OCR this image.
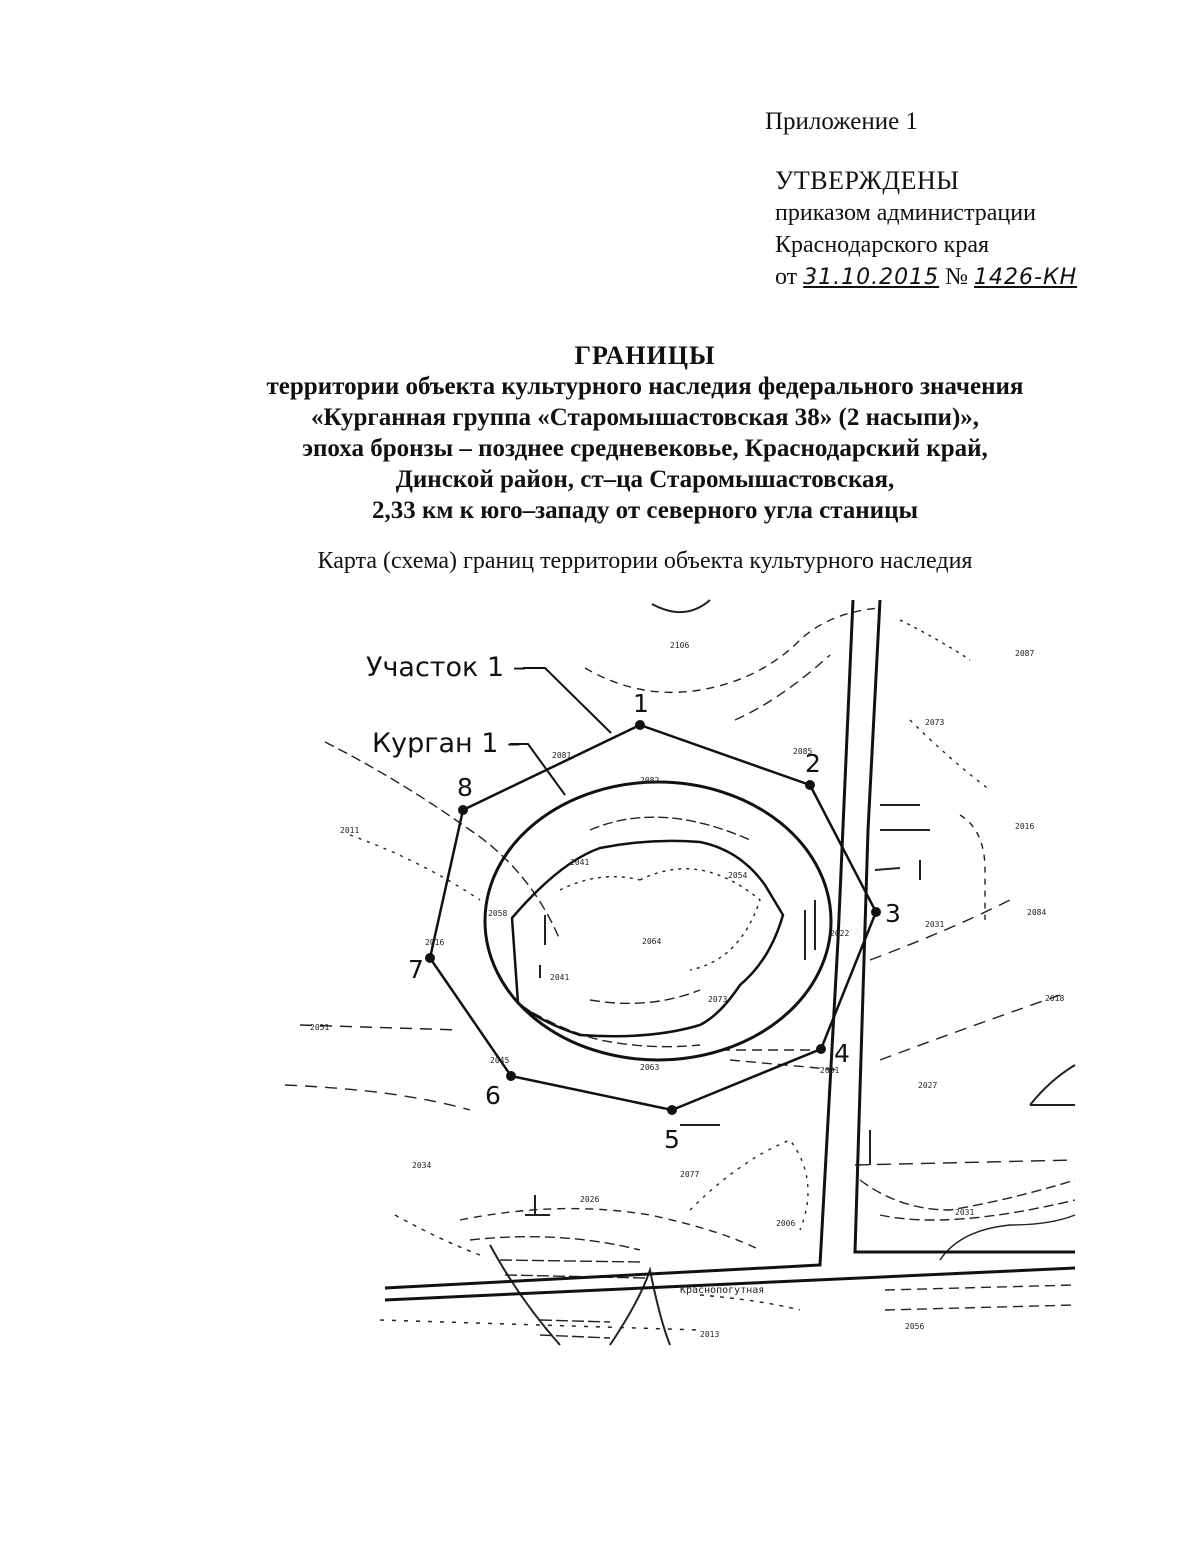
Приложение 1
УТВЕРЖДЕНЫ
приказом администрации
Краснодарского края
от 31.10.2015 № 1426-КН
ГРАНИЦЫ
территории объекта культурного наследия федерального значения
«Курганная группа «Старомышастовская 38» (2 насыпи)»,
эпоха бронзы – позднее средневековье, Краснодарский край,
Динской район, ст–ца Старомышастовская,
2,33 км к юго–западу от северного угла станицы
Карта (схема) границ территории объекта культурного наследия
1
2
3
4
5
6
7
8
Участок 1 –
Курган 1 –
Краснопогутная
2106
2087
2081
2073
2085
2082
2011	2016
2084
2041
2054
2064
2041
2058
2016
2031
2018
2022
2051
2073
2063
2045
2034
2077
2026
2006
2031
2027
2031
2056
2013
